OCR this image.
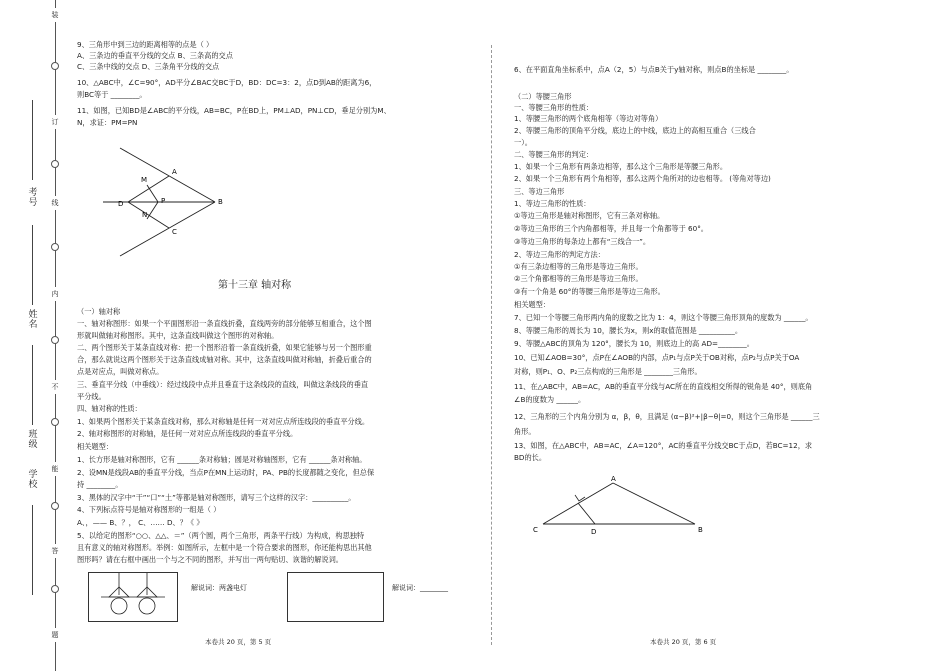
装
订
线
内
不
能
答
题
考号
姓名
班级
学校
9、三角形中到三边的距离相等的点是（ ）
A、三条边的垂直平分线的交点 B、三条高的交点
C、三条中线的交点 D、三条角平分线的交点
10、△ABC中，∠C=90°，AD平分∠BAC交BC于D，BD：DC=3：2，点D到AB的距离为6，
则BC等于 ________。
11、如图，已知BD是∠ABC的平分线，AB=BC，P在BD上，PM⊥AD，PN⊥CD，垂足分别为M、
N，求证：PM=PN
A
M
D	P	B
N
C
第十三章 轴对称
（一）轴对称
一、轴对称图形：如果一个平面图形沿一条直线折叠，直线两旁的部分能够互相重合，这个图
形就叫做轴对称图形。其中，这条直线叫做这个图形的对称轴。
二、两个图形关于某条直线对称：把一个图形沿着一条直线折叠，如果它能够与另一个图形重
合，那么就说这两个图形关于这条直线成轴对称。其中，这条直线叫做对称轴，折叠后重合的
点是对应点，叫做对称点。
三、垂直平分线（中垂线）：经过线段中点并且垂直于这条线段的直线，叫做这条线段的垂直
平分线。
四、轴对称的性质：
1、如果两个图形关于某条直线对称，那么对称轴是任何一对对应点所连线段的垂直平分线。
2、轴对称图形的对称轴，是任何一对对应点所连线段的垂直平分线。
相关题型：
1、长方形是轴对称图形，它有 ______条对称轴；圆是对称轴图形，它有 ______条对称轴。
2、设MN是线段AB的垂直平分线，当点P在MN上运动时，PA、PB的长度都随之变化，但总保
持 ________。
3、黑体的汉字中“干”“口”“土”等都是轴对称图形，请写三个这样的汉字：__________。
4、下列标点符号是轴对称图形的一组是（ ）
A、，—— B、？， C、…… D、？《 》
5、以给定的图形“○○、△△、＝”（两个圆，两个三角形，两条平行线）为构成，构思独特
且有意义的轴对称图形。举例：如图所示，左框中是一个符合要求的图形，你还能构思出其他
图形吗？请在右框中画出一个与之不同的图形，并写出一两句贴切、诙谐的解说词。
解说词：两盏电灯	解说词：________
本卷共 20 页，第 5 页
6、在平面直角坐标系中，点A（2，5）与点B关于y轴对称，则点B的坐标是 ________。
（二）等腰三角形
一、等腰三角形的性质：
1、等腰三角形的两个底角相等（等边对等角）
2、等腰三角形的顶角平分线，底边上的中线，底边上的高相互重合（三线合
一）。
二、等腰三角形的判定：
1、如果一个三角形有两条边相等，那么这个三角形是等腰三角形。
2、如果一个三角形有两个角相等，那么这两个角所对的边也相等。 (等角对等边)
三、等边三角形
1、等边三角形的性质：
①等边三角形是轴对称图形，它有三条对称轴。
②等边三角形的三个内角都相等，并且每一个角都等于 60°。
③等边三角形的每条边上都有“三线合一”。
2、等边三角形的判定方法：
①有三条边相等的三角形是等边三角形。
②三个角都相等的三角形是等边三角形。
③有一个角是 60°的等腰三角形是等边三角形。
相关题型：
7、已知一个等腰三角形两内角的度数之比为 1：4，则这个等腰三角形顶角的度数为 ______。
8、等腰三角形的周长为 10，腰长为x，则x的取值范围是 __________。
9、等腰△ABC的顶角为 120°，腰长为 10，则底边上的高 AD=________。
10、已知∠AOB=30°，点P在∠AOB的内部，点P₁与点P关于OB对称，点P₂与点P关于OA
对称，则P₁、O、P₂三点构成的三角形是 ________三角形。
11、在△ABC中，AB=AC，AB的垂直平分线与AC所在的直线相交所得的锐角是 40°，则底角
∠B的度数为 ______。
12、三角形的三个内角分别为 α，β，θ，且满足 (α−β)²+|β−θ|=0，则这个三角形是 ______三
角形。
13、如图，在△ABC中，AB=AC，∠A=120°，AC的垂直平分线交BC于点D，若BC=12，求
BD的长。
A
C	D	B
本卷共 20 页，第 6 页
